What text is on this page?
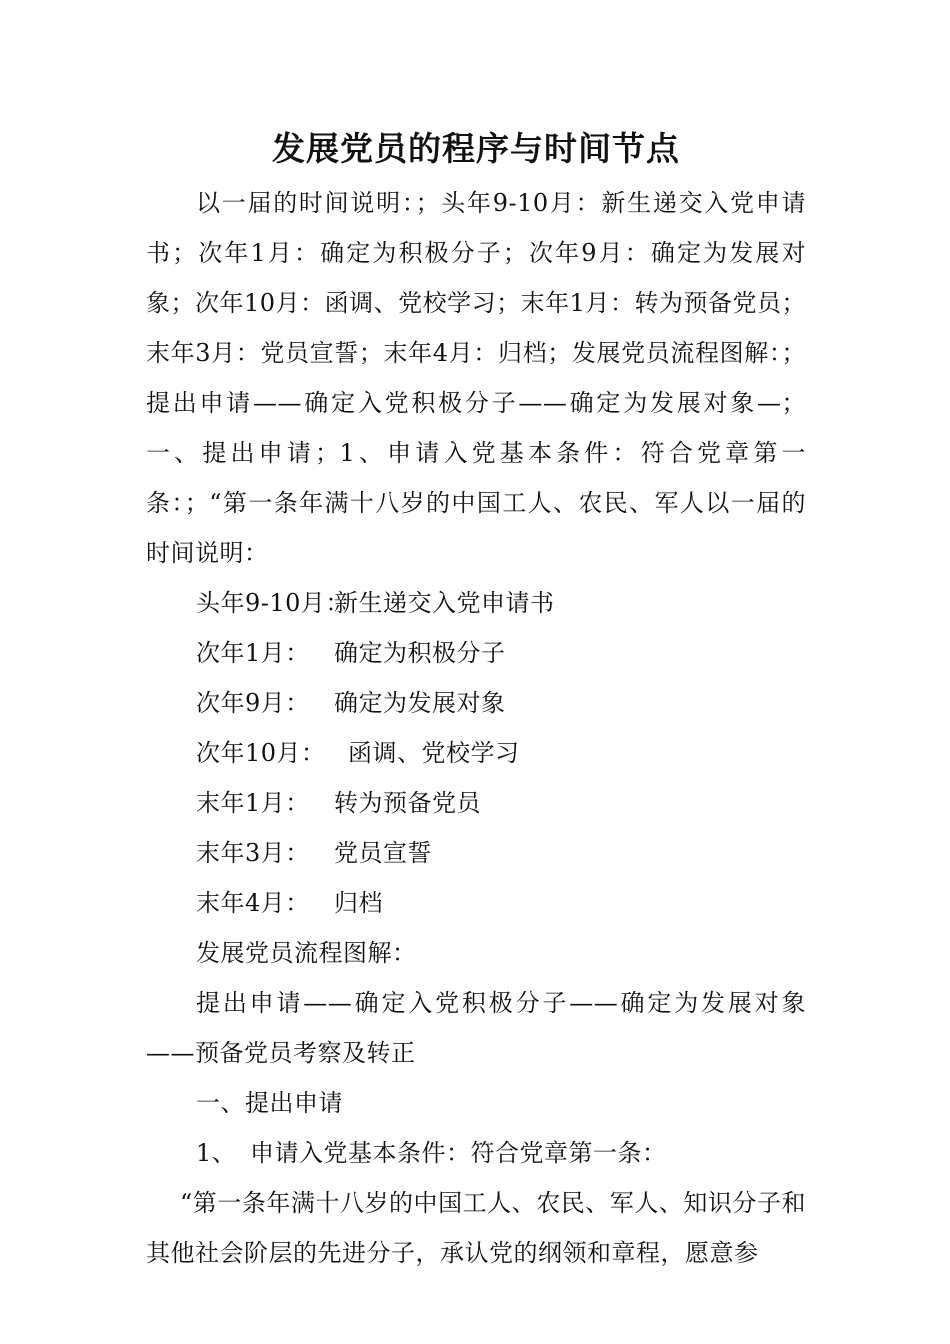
发展党员的程序与时间节点

以一届的时间说明：；头年9-10月：新生递交入党申请书；次年1月：确定为积极分子；次年9月：确定为发展对象；次年10月：函调、党校学习；末年1月：转为预备党员；末年3月：党员宣誓；末年4月：归档；发展党员流程图解：；提出申请——确定入党积极分子——确定为发展对象—；一、提出申请；1、申请入党基本条件：符合党章第一条：；“第一条年满十八岁的中国工人、农民、军人以一届的时间说明：

头年9-10月：新生递交入党申请书

次年1月： 确定为积极分子

次年9月： 确定为发展对象

次年10月： 函调、党校学习

末年1月： 转为预备党员

末年3月： 党员宣誓

末年4月： 归档

发展党员流程图解：

提出申请——确定入党积极分子——确定为发展对象——预备党员考察及转正

一、提出申请

1、 申请入党基本条件：符合党章第一条：

“第一条年满十八岁的中国工人、农民、军人、知识分子和其他社会阶层的先进分子，承认党的纲领和章程，愿意参
